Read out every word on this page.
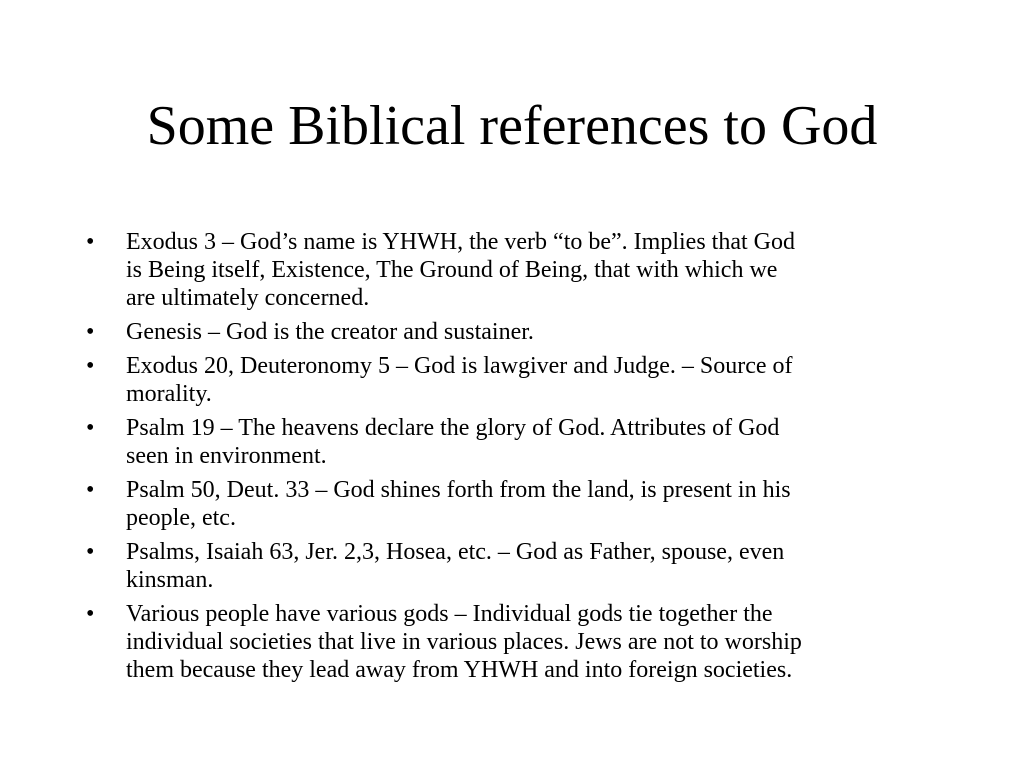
Some Biblical references to God
•	Exodus 3 – God’s name is YHWH, the verb “to be”. Implies that God
is Being itself, Existence, The Ground of Being, that with which we
are ultimately concerned.
•	Genesis – God is the creator and sustainer.
•	Exodus 20, Deuteronomy 5 – God is lawgiver and Judge. – Source of
morality.
•	Psalm 19 – The heavens declare the glory of God. Attributes of God
seen in environment.
•	Psalm 50, Deut. 33 – God shines forth from the land, is present in his
people, etc.
•	Psalms, Isaiah 63, Jer. 2,3, Hosea, etc. – God as Father, spouse, even
kinsman.
•	Various people have various gods – Individual gods tie together the
individual societies that live in various places. Jews are not to worship
them because they lead away from YHWH and into foreign societies.
